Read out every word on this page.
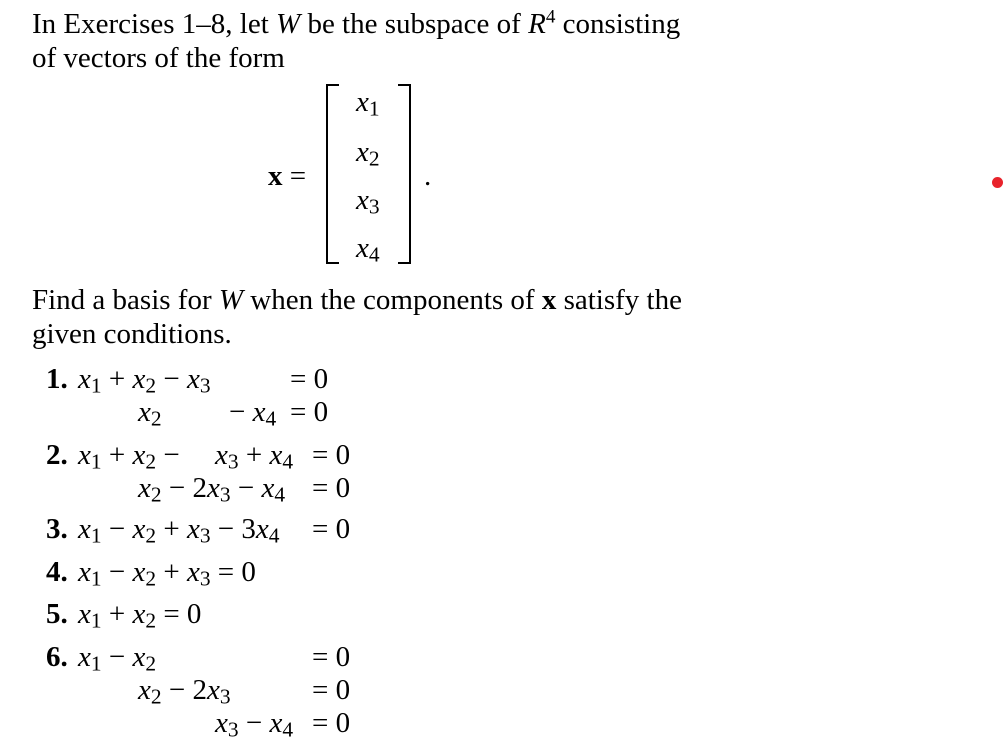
In Exercises 1–8, let W be the subspace of $R^4$ consisting
of vectors of the form
x =
$x_1$
$x_2$
$x_3$
$x_4$
.
Find a basis for W when the components of x satisfy the
given conditions.
1. $x_1 + x_2 - x_3$	= 0
$x_2 - x_4 = 0$
2. $x_1 + x_2 - x_3 + x_4 = 0$
$x_2 - 2x_3 - x_4 = 0$
3. $x_1 - x_2 + x_3 - 3x_4 = 0$
4. $x_1 - x_2 + x_3 = 0$
5. $x_1 + x_2 = 0$
6. $x_1 - x_2$	= 0
$x_2 - 2x_3$	= 0
$x_3 - x_4 = 0$
